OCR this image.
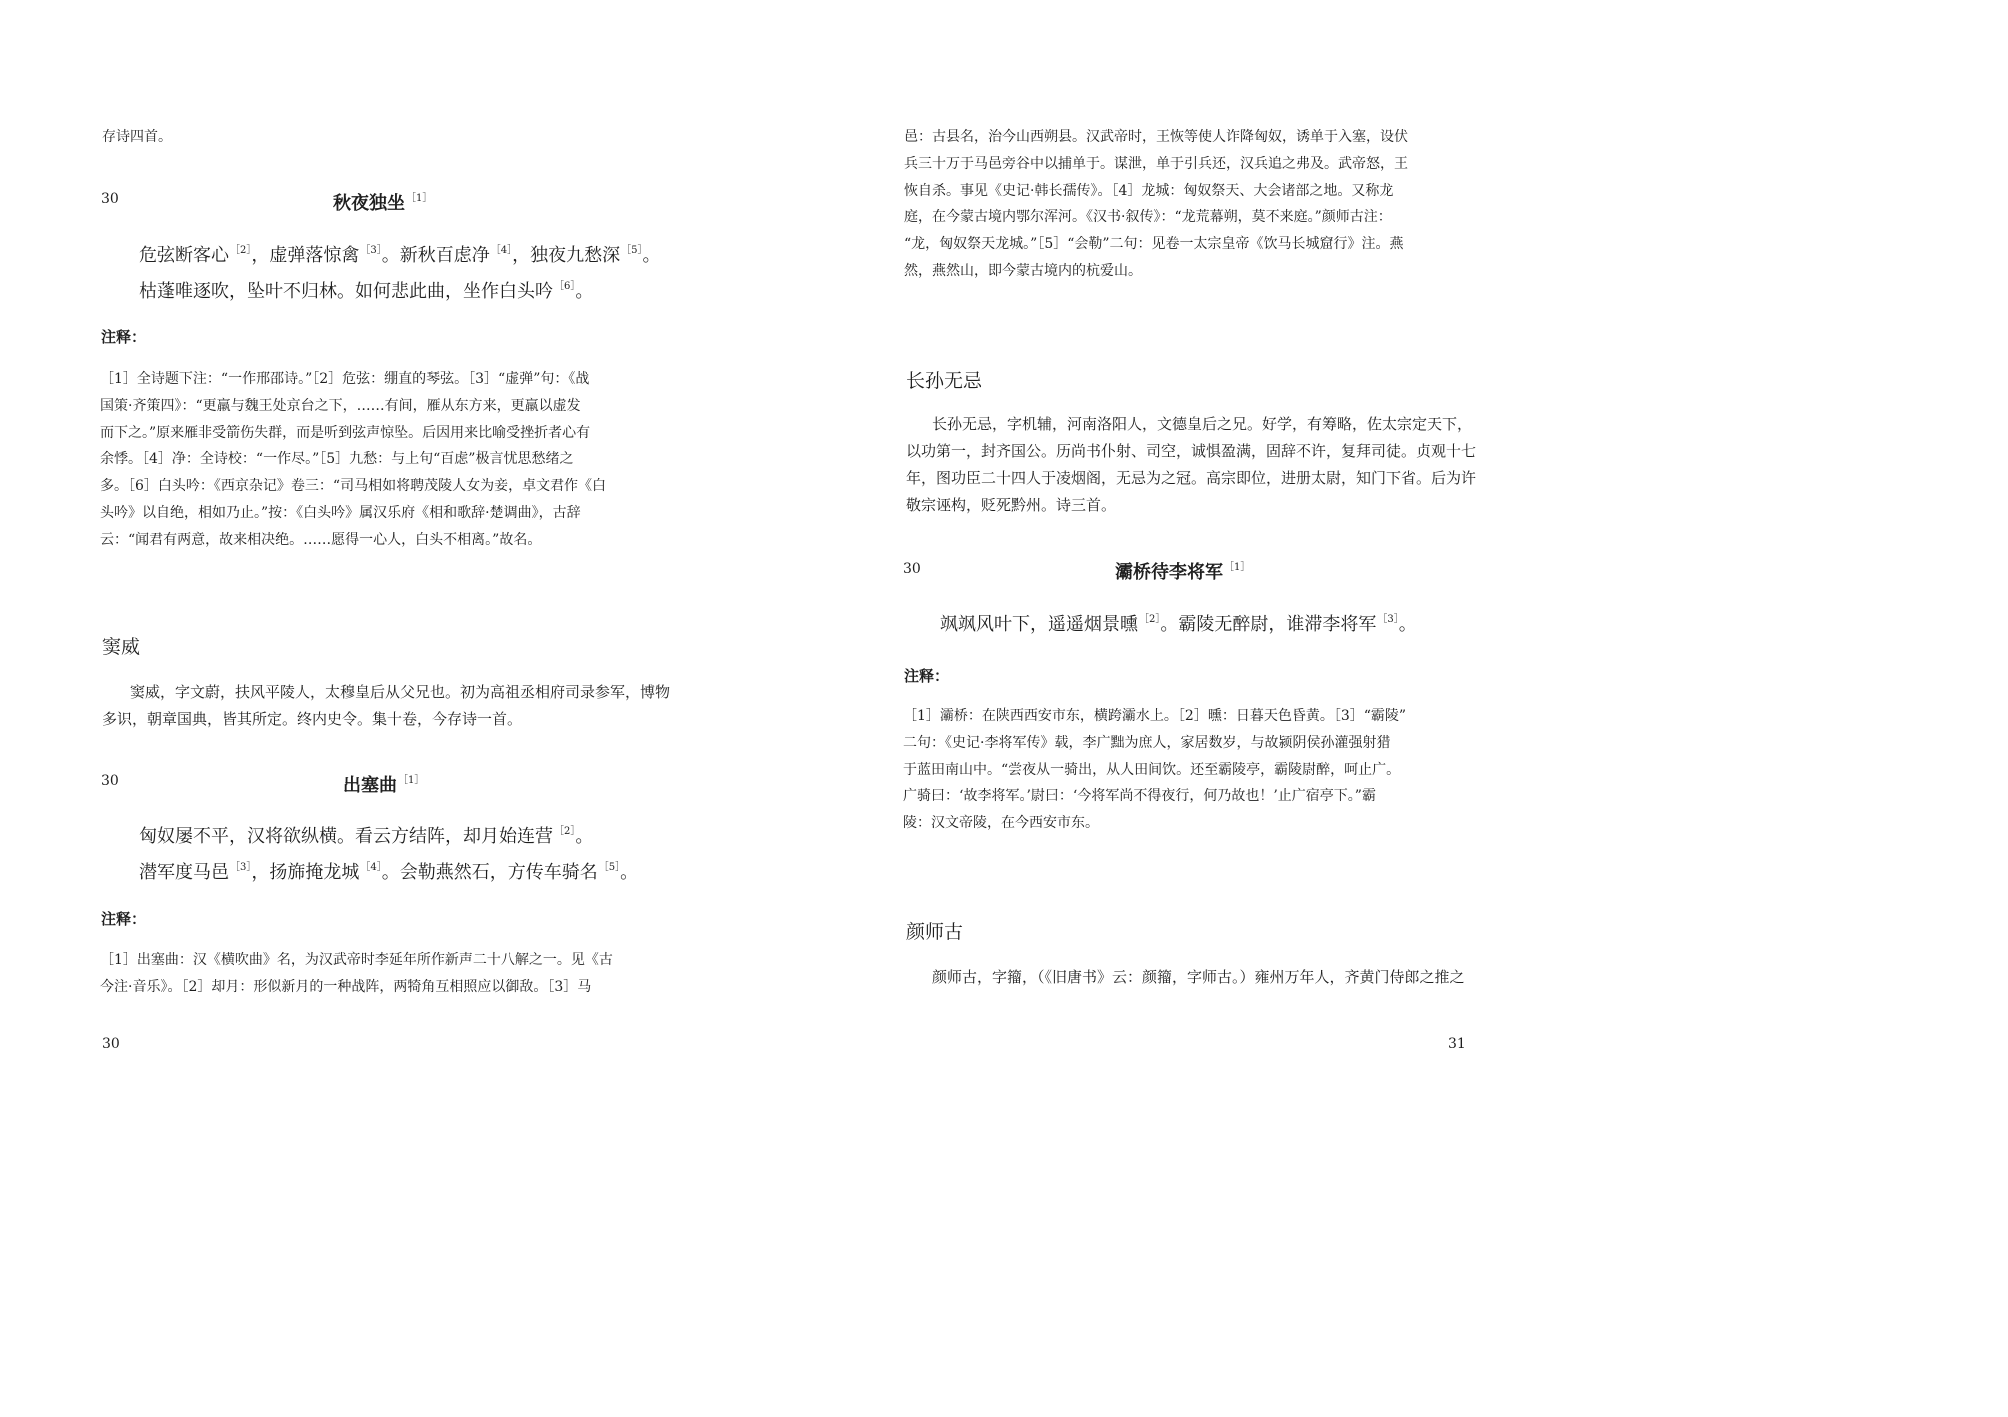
存诗四首。

30	秋夜独坐$^{[1]}$
危弦断客心$^{[2]}$，虚弹落惊禽$^{[3]}$。新秋百虑净$^{[4]}$，独夜九愁深$^{[5]}$。
枯蓬唯逐吹，坠叶不归林。如何悲此曲，坐作白头吟$^{[6]}$。

注释：

［1］全诗题下注：“一作邢邵诗。”［2］危弦：绷直的琴弦。［3］“虚弹”句：《战
国策·齐策四》：“更羸与魏王处京台之下，……有间，雁从东方来，更羸以虚发
而下之。”原来雁非受箭伤失群，而是听到弦声惊坠。后因用来比喻受挫折者心有
余悸。［4］净：全诗校：“一作尽。”［5］九愁：与上句“百虑”极言忧思愁绪之
多。［6］白头吟：《西京杂记》卷三：“司马相如将聘茂陵人女为妾，卓文君作《白
头吟》以自绝，相如乃止。”按：《白头吟》属汉乐府《相和歌辞·楚调曲》，古辞
云：“闻君有两意，故来相决绝。……愿得一心人，白头不相离。”故名。

窦威

窦威，字文蔚，扶风平陵人，太穆皇后从父兄也。初为高祖丞相府司录参军，博物
多识，朝章国典，皆其所定。终内史令。集十卷，今存诗一首。
30	出塞曲$^{[1]}$
匈奴屡不平，汉将欲纵横。看云方结阵，却月始连营$^{[2]}$。
潜军度马邑$^{[3]}$，扬旆掩龙城$^{[4]}$。会勒燕然石，方传车骑名$^{[5]}$。

注释：

［1］出塞曲：汉《横吹曲》名，为汉武帝时李延年所作新声二十八解之一。见《古
今注·音乐》。［2］却月：形似新月的一种战阵，两犄角互相照应以御敌。［3］马
30
邑：古县名，治今山西朔县。汉武帝时，王恢等使人诈降匈奴，诱单于入塞，设伏
兵三十万于马邑旁谷中以捕单于。谋泄，单于引兵还，汉兵追之弗及。武帝怒，王
恢自杀。事见《史记·韩长孺传》。［4］龙城：匈奴祭天、大会诸部之地。又称龙
庭，在今蒙古境内鄂尔浑河。《汉书·叙传》：“龙荒幕朔，莫不来庭。”颜师古注：
“龙，匈奴祭天龙城。”［5］“会勒”二句：见卷一太宗皇帝《饮马长城窟行》注。燕
然，燕然山，即今蒙古境内的杭爱山。

长孙无忌

长孙无忌，字机辅，河南洛阳人，文德皇后之兄。好学，有筹略，佐太宗定天下，
以功第一，封齐国公。历尚书仆射、司空，诚惧盈满，固辞不许，复拜司徒。贞观十七
年，图功臣二十四人于凌烟阁，无忌为之冠。高宗即位，进册太尉，知门下省。后为许
敬宗诬构，贬死黔州。诗三首。
30	灞桥待李将军$^{[1]}$
飒飒风叶下，遥遥烟景曛$^{[2]}$。霸陵无醉尉，谁滞李将军$^{[3]}$。

注释：

［1］灞桥：在陕西西安市东，横跨灞水上。［2］曛：日暮天色昏黄。［3］“霸陵”
二句：《史记·李将军传》载，李广黜为庶人，家居数岁，与故颍阴侯孙灌强射猎
于蓝田南山中。“尝夜从一骑出，从人田间饮。还至霸陵亭，霸陵尉醉，呵止广。
广骑曰：‘故李将军。’尉曰：‘今将军尚不得夜行，何乃故也！’止广宿亭下。”霸
陵：汉文帝陵，在今西安市东。

颜师古

颜师古，字籀，（《旧唐书》云：颜籀，字师古。）雍州万年人，齐黄门侍郎之推之
31
